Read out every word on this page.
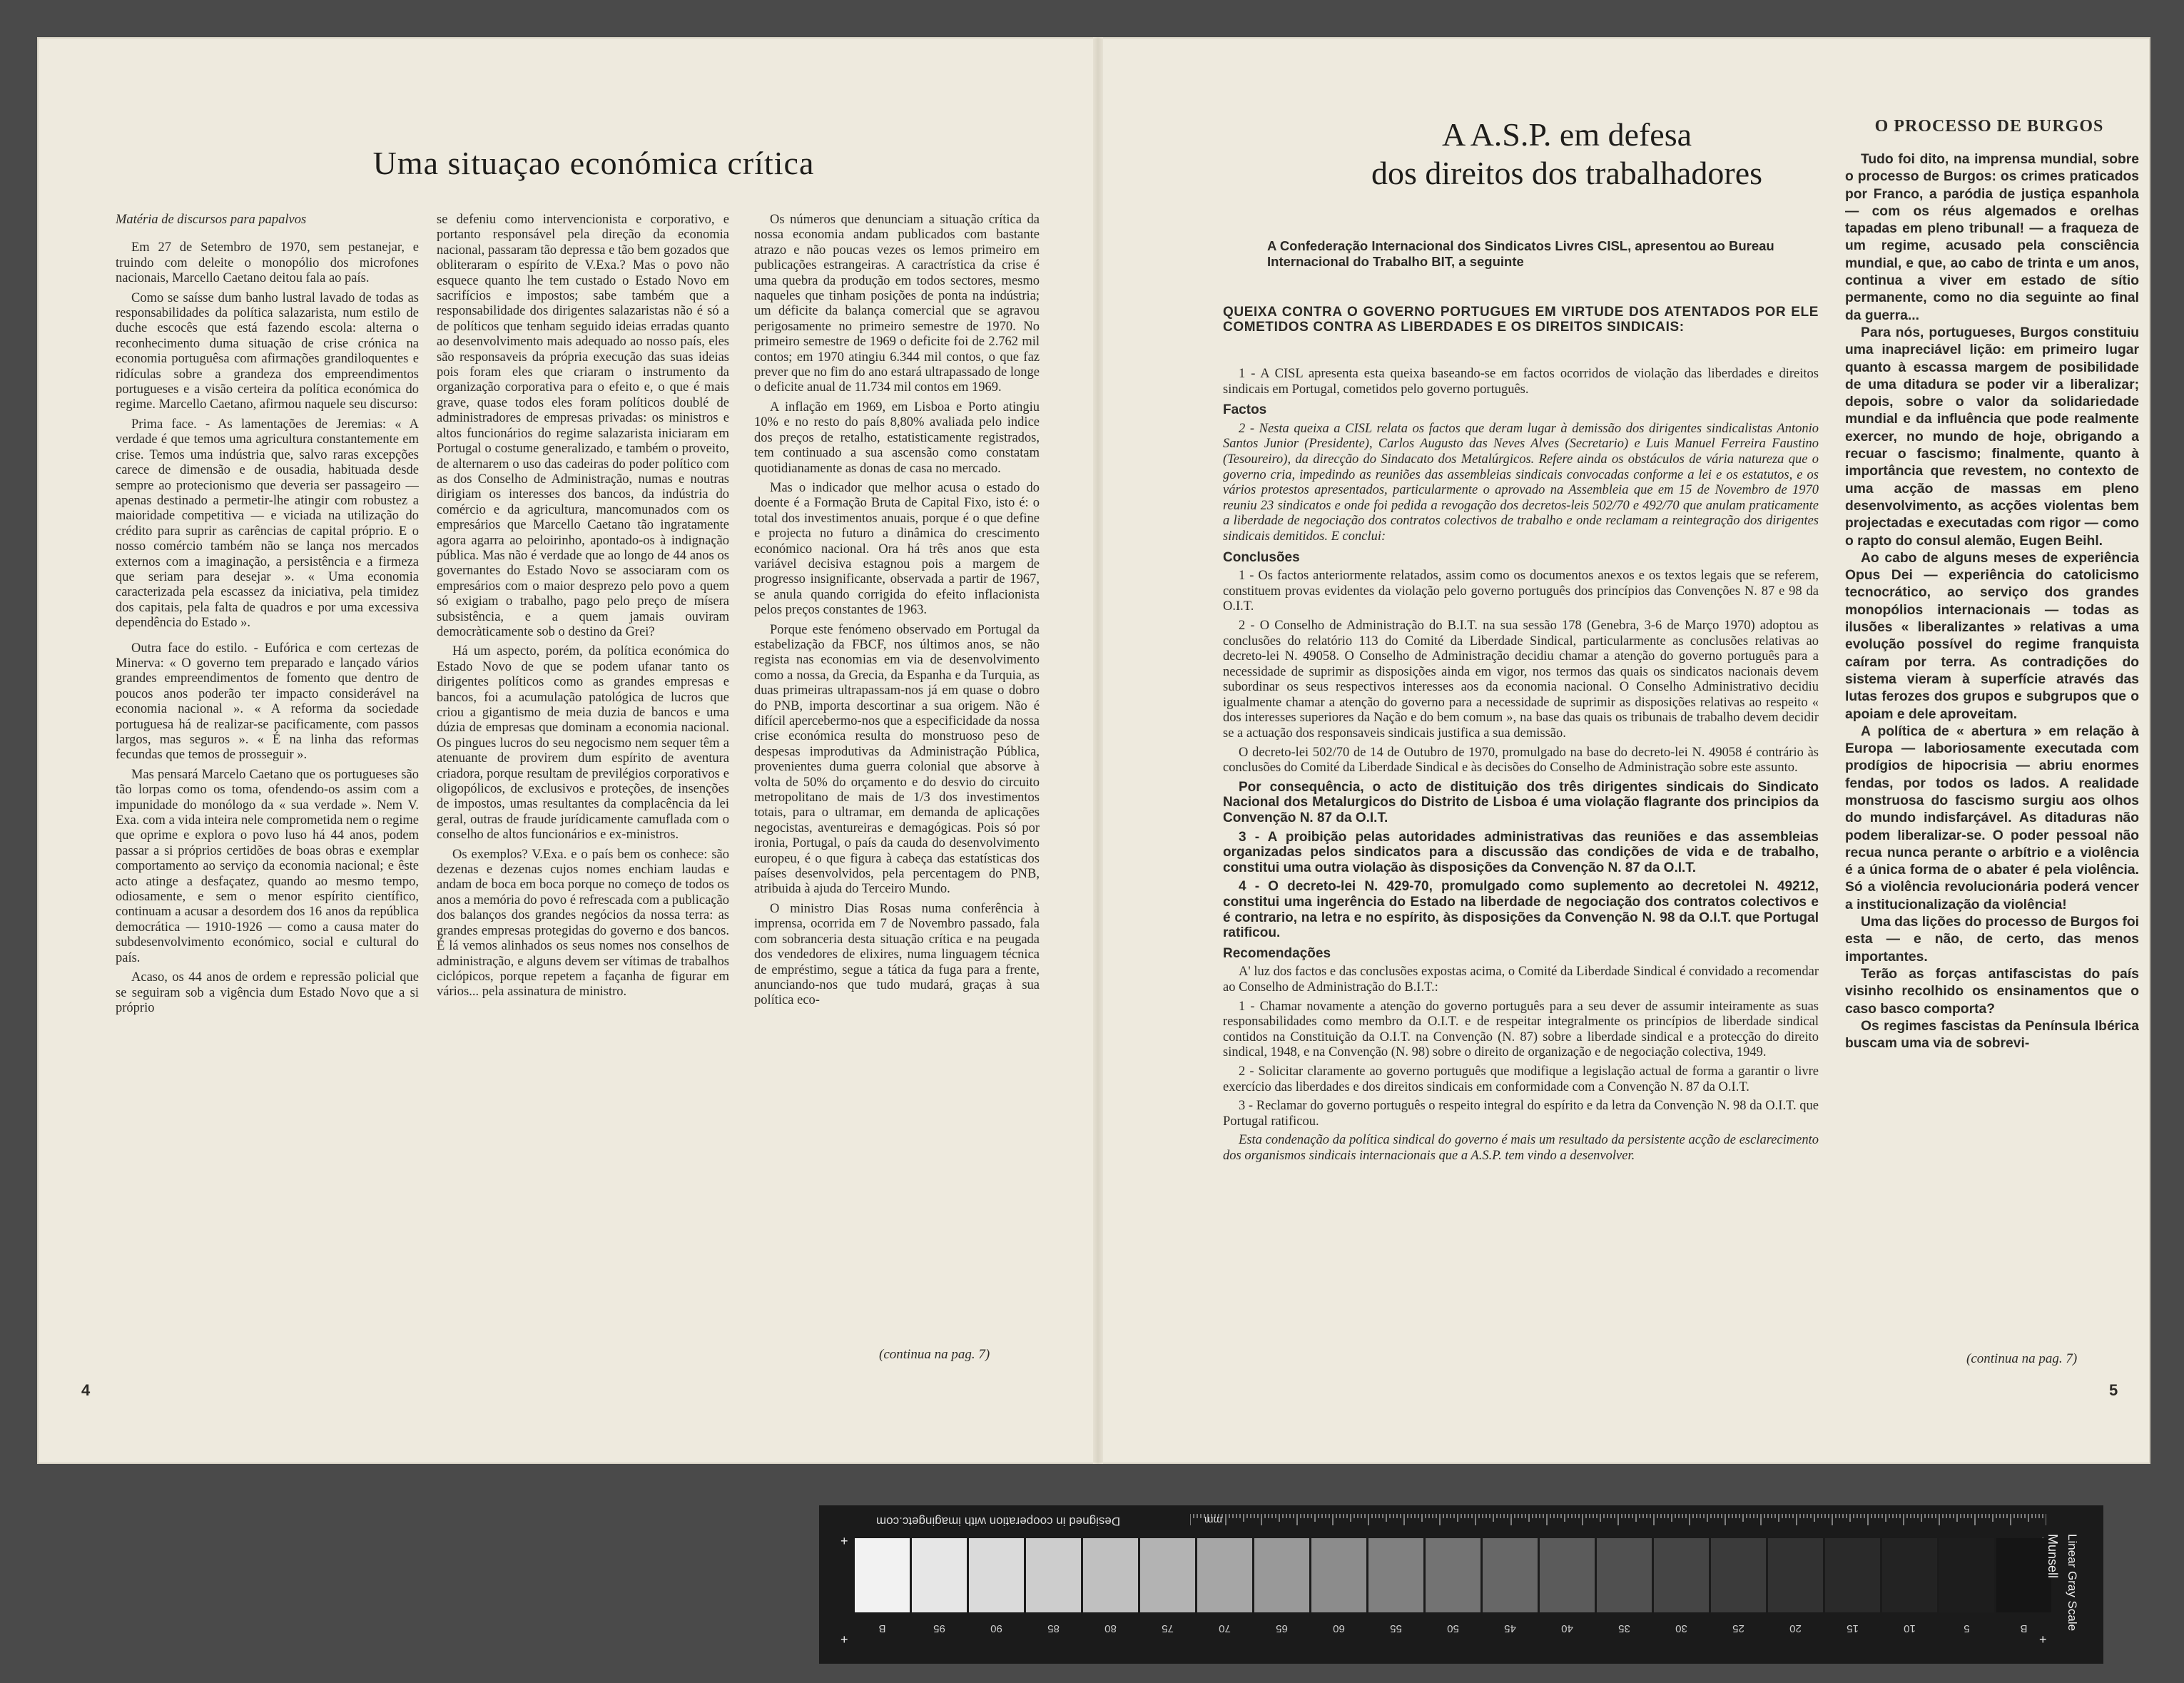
Uma situaçao económica crítica

Matéria de discursos para papalvos

Em 27 de Setembro de 1970, sem pestanejar, e truindo com deleite o monopólio dos microfones nacionais, Marcello Caetano deitou fala ao país.

Como se saísse dum banho lustral lavado de todas as responsabilidades da política salazarista, num estilo de duche escocês que está fazendo escola: alterna o reconhecimento duma situação de crise crónica na economia portuguêsa com afirmações grandiloquentes e ridículas sobre a grandeza dos empreendimentos portugueses e a visão certeira da política económica do regime. Marcello Caetano, afirmou naquele seu discurso:

Prima face. - As lamentações de Jeremias: « A verdade é que temos uma agricultura constantemente em crise. Temos uma indústria que, salvo raras excepções carece de dimensão e de ousadia, habituada desde sempre ao protecionismo que deveria ser passageiro — apenas destinado a permetir-lhe atingir com robustez a maioridade competitiva — e viciada na utilização do crédito para suprir as carências de capital próprio. E o nosso comércio também não se lança nos mercados externos com a imaginação, a persistência e a firmeza que seriam para desejar ». « Uma economia caracterizada pela escassez da iniciativa, pela timidez dos capitais, pela falta de quadros e por uma excessiva dependência do Estado ».

Outra face do estilo. - Eufórica e com certezas de Minerva: « O governo tem preparado e lançado vários grandes empreendimentos de fomento que dentro de poucos anos poderão ter impacto considerável na economia nacional ». « A reforma da sociedade portuguesa há de realizar-se pacificamente, com passos largos, mas seguros ». « É na linha das reformas fecundas que temos de prosseguir ».

Mas pensará Marcelo Caetano que os portugueses são tão lorpas como os toma, ofendendo-os assim com a impunidade do monólogo da « sua verdade ». Nem V. Exa. com a vida inteira nele comprometida nem o regime que oprime e explora o povo luso há 44 anos, podem passar a si próprios certidões de boas obras e exemplar comportamento ao serviço da economia nacional; e êste acto atinge a desfaçatez, quando ao mesmo tempo, odiosamente, e sem o menor espírito científico, continuam a acusar a desordem dos 16 anos da república democrática — 1910-1926 — como a causa mater do subdesenvolvimento económico, social e cultural do país.

Acaso, os 44 anos de ordem e repressão policial que se seguiram sob a vigência dum Estado Novo que a si próprio

se defeniu como intervencionista e corporativo, e portanto responsável pela direção da economia nacional, passaram tão depressa e tão bem gozados que obliteraram o espírito de V.Exa.? Mas o povo não esquece quanto lhe tem custado o Estado Novo em sacrifícios e impostos; sabe também que a responsabilidade dos dirigentes salazaristas não é só a de políticos que tenham seguido ideias erradas quanto ao desenvolvimento mais adequado ao nosso país, eles são responsaveis da própria execução das suas ideias pois foram eles que criaram o instrumento da organização corporativa para o efeito e, o que é mais grave, quase todos eles foram políticos doublé de administradores de empresas privadas: os ministros e altos funcionários do regime salazarista iniciaram em Portugal o costume generalizado, e também o proveito, de alternarem o uso das cadeiras do poder político com as dos Conselho de Administração, numas e noutras dirigiam os interesses dos bancos, da indústria do comércio e da agricultura, mancomunados com os empresários que Marcello Caetano tão ingratamente agora agarra ao peloirinho, apontado-os à indignação pública. Mas não é verdade que ao longo de 44 anos os governantes do Estado Novo se associaram com os empresários com o maior desprezo pelo povo a quem só exigiam o trabalho, pago pelo preço de mísera subsistência, e a quem jamais ouviram democràticamente sob o destino da Grei?

Há um aspecto, porém, da política económica do Estado Novo de que se podem ufanar tanto os dirigentes políticos como as grandes empresas e bancos, foi a acumulação patológica de lucros que criou a gigantismo de meia duzia de bancos e uma dúzia de empresas que dominam a economia nacional. Os pingues lucros do seu negocismo nem sequer têm a atenuante de provirem dum espírito de aventura criadora, porque resultam de previlégios corporativos e oligopólicos, de exclusivos e proteções, de insenções de impostos, umas resultantes da complacência da lei geral, outras de fraude jurídicamente camuflada com o conselho de altos funcionários e ex-ministros.

Os exemplos? V.Exa. e o país bem os conhece: são dezenas e dezenas cujos nomes enchiam laudas e andam de boca em boca porque no começo de todos os anos a memória do povo é refrescada com a publicação dos balanços dos grandes negócios da nossa terra: as grandes empresas protegidas do governo e dos bancos. É lá vemos alinhados os seus nomes nos conselhos de administração, e alguns devem ser vítimas de trabalhos ciclópicos, porque repetem a façanha de figurar em vários... pela assinatura de ministro.

Os números que denunciam a situação crítica da nossa economia andam publicados com bastante atrazo e não poucas vezes os lemos primeiro em publicações estrangeiras. A caractrística da crise é uma quebra da produção em todos sectores, mesmo naqueles que tinham posições de ponta na indústria; um déficite da balança comercial que se agravou perigosamente no primeiro semestre de 1970. No primeiro semestre de 1969 o deficite foi de 2.762 mil contos; em 1970 atingiu 6.344 mil contos, o que faz prever que no fim do ano estará ultrapassado de longe o deficite anual de 11.734 mil contos em 1969.

A inflação em 1969, em Lisboa e Porto atingiu 10% e no resto do país 8,80% avaliada pelo indice dos preços de retalho, estatisticamente registrados, tem continuado a sua ascensão como constatam quotidianamente as donas de casa no mercado.

Mas o indicador que melhor acusa o estado do doente é a Formação Bruta de Capital Fixo, isto é: o total dos investimentos anuais, porque é o que define e projecta no futuro a dinâmica do crescimento económico nacional. Ora há três anos que esta variável decisiva estagnou pois a margem de progresso insignificante, observada a partir de 1967, se anula quando corrigida do efeito inflacionista pelos preços constantes de 1963.

Porque este fenómeno observado em Portugal da estabelização da FBCF, nos últimos anos, se não regista nas economias em via de desenvolvimento como a nossa, da Grecia, da Espanha e da Turquia, as duas primeiras ultrapassam-nos já em quase o dobro do PNB, importa descortinar a sua origem. Não é difícil apercebermo-nos que a especificidade da nossa crise económica resulta do monstruoso peso de despesas improdutivas da Administração Pública, provenientes duma guerra colonial que absorve à volta de 50% do orçamento e do desvio do circuito metropolitano de mais de 1/3 dos investimentos totais, para o ultramar, em demanda de aplicações negocistas, aventureiras e demagógicas. Pois só por ironia, Portugal, o país da cauda do desenvolvimento europeu, é o que figura à cabeça das estatísticas dos países desenvolvidos, pela percentagem do PNB, atribuida à ajuda do Terceiro Mundo.

O ministro Dias Rosas numa conferência à imprensa, ocorrida em 7 de Novembro passado, fala com sobranceria desta situação crítica e na peugada dos vendedores de elixires, numa linguagem técnica de empréstimo, segue a tática da fuga para a frente, anunciando-nos que tudo mudará, graças à sua política eco-

(continua na pag. 7)
4
A A.S.P. em defesa
dos direitos dos trabalhadores
A Confederação Internacional dos Sindicatos Livres CISL, apresentou ao Bureau Internacional do Trabalho BIT, a seguinte
QUEIXA CONTRA O GOVERNO PORTUGUES EM VIRTUDE DOS ATENTADOS POR ELE COMETIDOS CONTRA AS LIBERDADES E OS DIREITOS SINDICAIS:

1 - A CISL apresenta esta queixa baseando-se em factos ocorridos de violação das liberdades e direitos sindicais em Portugal, cometidos pelo governo português.

Factos

2 - Nesta queixa a CISL relata os factos que deram lugar à demissão dos dirigentes sindicalistas Antonio Santos Junior (Presidente), Carlos Augusto das Neves Alves (Secretario) e Luis Manuel Ferreira Faustino (Tesoureiro), da direcção do Sindacato dos Metalúrgicos. Refere ainda os obstáculos de vária natureza que o governo cria, impedindo as reuniões das assembleias sindicais convocadas conforme a lei e os estatutos, e os vários protestos apresentados, particularmente o aprovado na Assembleia que em 15 de Novembro de 1970 reuniu 23 sindicatos e onde foi pedida a revogação dos decretos-leis 502/70 e 492/70 que anulam praticamente a liberdade de negociação dos contratos colectivos de trabalho e onde reclamam a reintegração dos dirigentes sindicais demitidos. E conclui:

Conclusões

1 - Os factos anteriormente relatados, assim como os documentos anexos e os textos legais que se referem, constituem provas evidentes da violação pelo governo português dos princípios das Convenções N. 87 e 98 da O.I.T.

2 - O Conselho de Administração do B.I.T. na sua sessão 178 (Genebra, 3-6 de Março 1970) adoptou as conclusões do relatório 113 do Comité da Liberdade Sindical, particularmente as conclusões relativas ao decreto-lei N. 49058. O Conselho de Administração decidiu chamar a atenção do governo português para a necessidade de suprimir as disposições ainda em vigor, nos termos das quais os sindicatos nacionais devem subordinar os seus respectivos interesses aos da economia nacional. O Conselho Administrativo decidiu igualmente chamar a atenção do governo para a necessidade de suprimir as disposições relativas ao respeito « dos interesses superiores da Nação e do bem comum », na base das quais os tribunais de trabalho devem decidir se a actuação dos responsaveis sindicais justifica a sua demissão.

O decreto-lei 502/70 de 14 de Outubro de 1970, promulgado na base do decreto-lei N. 49058 é contrário às conclusões do Comité da Liberdade Sindical e às decisões do Conselho de Administração sobre este assunto.

Por consequência, o acto de distituição dos três dirigentes sindicais do Sindicato Nacional dos Metalurgicos do Distrito de Lisboa é uma violação flagrante dos principios da Convenção N. 87 da O.I.T.

3 - A proibição pelas autoridades administrativas das reuniões e das assembleias organizadas pelos sindicatos para a discussão das condições de vida e de trabalho, constitui uma outra violação às disposições da Convenção N. 87 da O.I.T.

4 - O decreto-lei N. 429-70, promulgado como suplemento ao decretolei N. 49212, constitui uma ingerência do Estado na liberdade de negociação dos contratos colectivos e é contrario, na letra e no espírito, às disposições da Convenção N. 98 da O.I.T. que Portugal ratificou.

Recomendações

A' luz dos factos e das conclusões expostas acima, o Comité da Liberdade Sindical é convidado a recomendar ao Conselho de Administração do B.I.T.:

1 - Chamar novamente a atenção do governo português para a seu dever de assumir inteiramente as suas responsabilidades como membro da O.I.T. e de respeitar integralmente os princípios de liberdade sindical contidos na Constituição da O.I.T. na Convenção (N. 87) sobre a liberdade sindical e a protecção do direito sindical, 1948, e na Convenção (N. 98) sobre o direito de organização e de negociação colectiva, 1949.

2 - Solicitar claramente ao governo português que modifique a legislação actual de forma a garantir o livre exercício das liberdades e dos direitos sindicais em conformidade com a Convenção N. 87 da O.I.T.

3 - Reclamar do governo português o respeito integral do espírito e da letra da Convenção N. 98 da O.I.T. que Portugal ratificou.

Esta condenação da política sindical do governo é mais um resultado da persistente acção de esclarecimento dos organismos sindicais internacionais que a A.S.P. tem vindo a desenvolver.

O PROCESSO DE BURGOS

Tudo foi dito, na imprensa mundial, sobre o processo de Burgos: os crimes praticados por Franco, a paródia de justiça espanhola — com os réus algemados e orelhas tapadas em pleno tribunal! — a fraqueza de um regime, acusado pela consciência mundial, e que, ao cabo de trinta e um anos, continua a viver em estado de sítio permanente, como no dia seguinte ao final da guerra...

Para nós, portugueses, Burgos constituiu uma inapreciável lição: em primeiro lugar quanto à escassa margem de posibilidade de uma ditadura se poder vir a liberalizar; depois, sobre o valor da solidariedade mundial e da influência que pode realmente exercer, no mundo de hoje, obrigando a recuar o fascismo; finalmente, quanto à importância que revestem, no contexto de uma acção de massas em pleno desenvolvimento, as acções violentas bem projectadas e executadas com rigor — como o rapto do consul alemão, Eugen Beihl.

Ao cabo de alguns meses de experiência Opus Dei — experiência do catolicismo tecnocrático, ao serviço dos grandes monopólios internacionais — todas as ilusões « liberalizantes » relativas a uma evolução possível do regime franquista caíram por terra. As contradições do sistema vieram à superfície através das lutas ferozes dos grupos e subgrupos que o apoiam e dele aproveitam.

A política de « abertura » em relação à Europa — laboriosamente executada com prodígios de hipocrisia — abriu enormes fendas, por todos os lados. A realidade monstruosa do fascismo surgiu aos olhos do mundo indisfarçável. As ditaduras não podem liberalizar-se. O poder pessoal não recua nunca perante o arbítrio e a violência é a única forma de o abater é pela violência. Só a violência revolucionária poderá vencer a institucionalização da violência!

Uma das lições do processo de Burgos foi esta — e não, de certo, das menos importantes.

Terão as forças antifascistas do país visinho recolhido os ensinamentos que o caso basco comporta?

Os regimes fascistas da Península Ibérica buscam uma via de sobrevi-

(continua na pag. 7)
5
Designed in cooperation with imagingetc.com	mm
+
+	+
B	95	90	85	80	75	70	65	60	55	50	45	40	35	30	25	20	15	10	5	B
Munsell Linear Gray Scale
